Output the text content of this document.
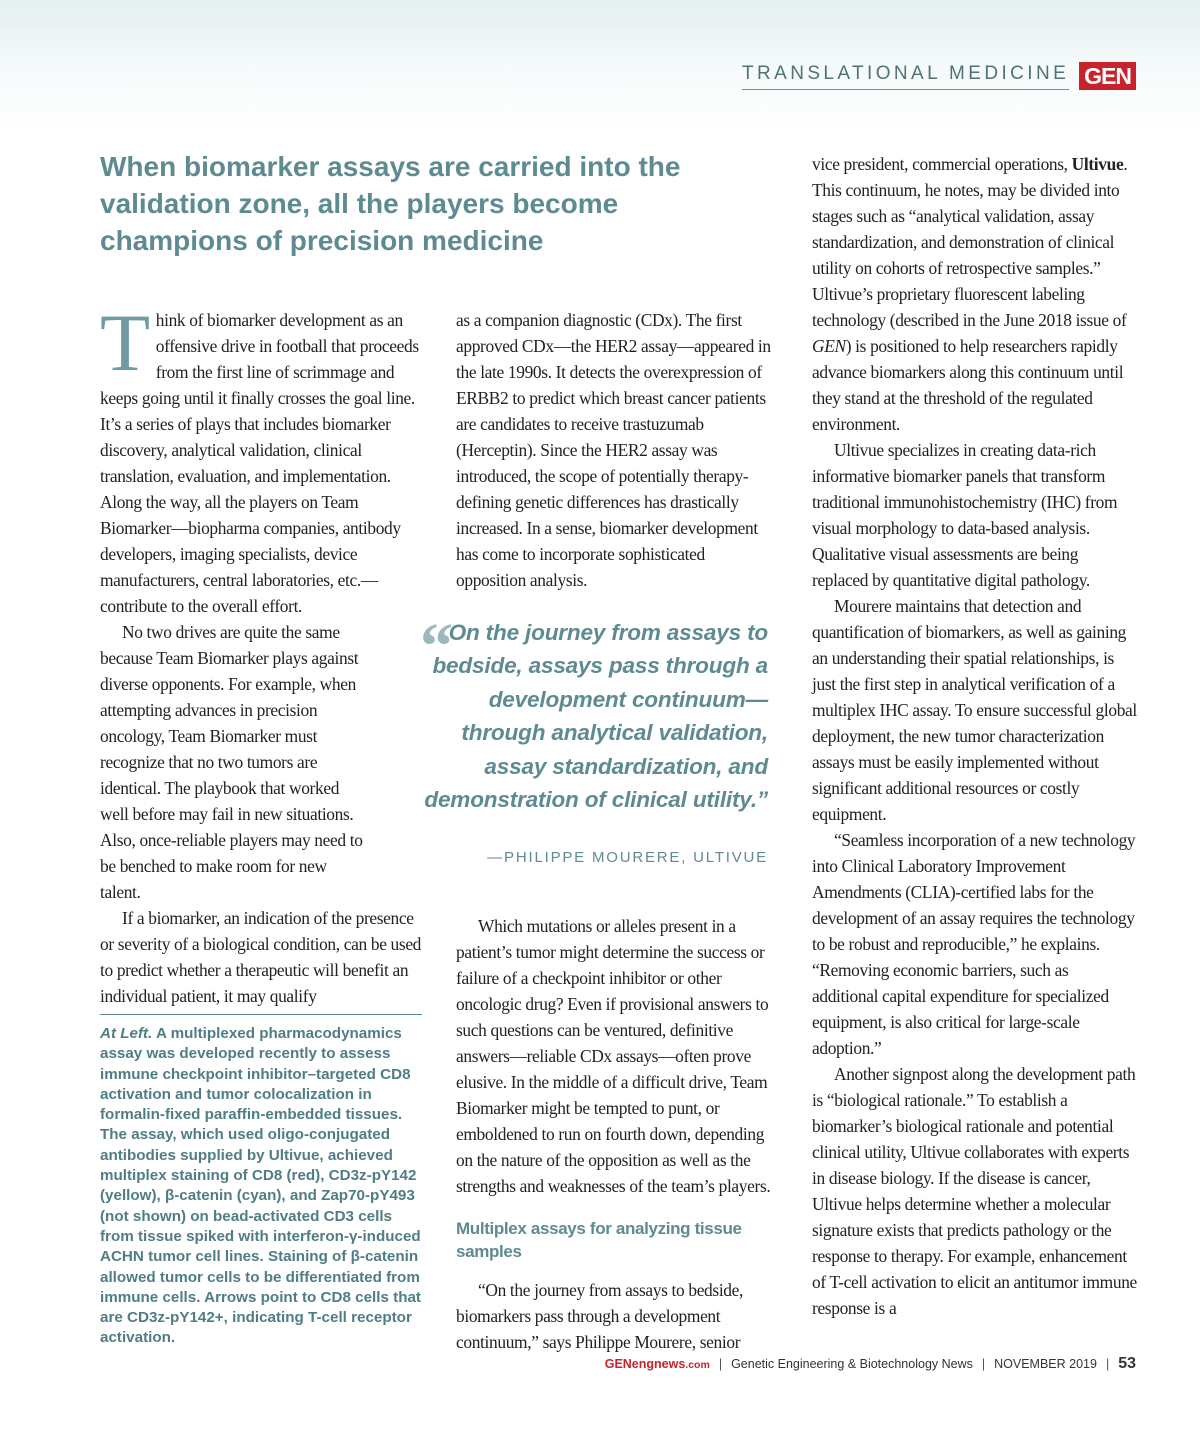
TRANSLATIONAL MEDICINE GEN
When biomarker assays are carried into the validation zone, all the players become champions of precision medicine

Think of biomarker development as an offensive drive in football that proceeds from the first line of scrimmage and keeps going until it finally crosses the goal line. It’s a series of plays that includes biomarker discovery, analytical validation, clinical translation, evaluation, and implementation. Along the way, all the players on Team Biomarker—biopharma companies, antibody developers, imaging specialists, device manufacturers, central laboratories, etc.—contribute to the overall effort.

No two drives are quite the same because Team Biomarker plays against diverse opponents. For example, when attempting advances in precision oncology, Team Biomarker must recognize that no two tumors are identical. The playbook that worked well before may fail in new situations. Also, once-reliable players may need to be benched to make room for new talent.

If a biomarker, an indication of the presence or severity of a biological condition, can be used to predict whether a therapeutic will benefit an individual patient, it may qualify

At Left. A multiplexed pharmacodynamics assay was developed recently to assess immune checkpoint inhibitor–targeted CD8 activation and tumor colocalization in formalin-fixed paraffin-embedded tissues. The assay, which used oligo-conjugated antibodies supplied by Ultivue, achieved multiplex staining of CD8 (red), CD3z-pY142 (yellow), β-catenin (cyan), and Zap70-pY493 (not shown) on bead-activated CD3 cells from tissue spiked with interferon-γ-induced ACHN tumor cell lines. Staining of β-catenin allowed tumor cells to be differentiated from immune cells. Arrows point to CD8 cells that are CD3z-pY142+, indicating T-cell receptor activation.

as a companion diagnostic (CDx). The first approved CDx—the HER2 assay—appeared in the late 1990s. It detects the overexpression of ERBB2 to predict which breast cancer patients are candidates to receive trastuzumab (Herceptin). Since the HER2 assay was introduced, the scope of potentially therapy-defining genetic differences has drastically increased. In a sense, biomarker development has come to incorporate sophisticated opposition analysis.

Which mutations or alleles present in a patient’s tumor might determine the success or failure of a checkpoint inhibitor or other oncologic drug? Even if provisional answers to such questions can be ventured, definitive answers—reliable CDx assays—often prove elusive. In the middle of a difficult drive, Team Biomarker might be tempted to punt, or emboldened to run on fourth down, depending on the nature of the opposition as well as the strengths and weaknesses of the team’s players.

Multiplex assays for analyzing tissue samples

“On the journey from assays to bedside, biomarkers pass through a development continuum,” says Philippe Mourere, senior

“
On the journey from assays to bedside, assays pass through a development continuum—through analytical validation, assay standardization, and demonstration of clinical utility.”
—PHILIPPE MOURERE, ULTIVUE

vice president, commercial operations, Ultivue. This continuum, he notes, may be divided into stages such as “analytical validation, assay standardization, and demonstration of clinical utility on cohorts of retrospective samples.” Ultivue’s proprietary fluorescent labeling technology (described in the June 2018 issue of GEN) is positioned to help researchers rapidly advance biomarkers along this continuum until they stand at the threshold of the regulated environment.

Ultivue specializes in creating data-rich informative biomarker panels that transform traditional immunohistochemistry (IHC) from visual morphology to data-based analysis. Qualitative visual assessments are being replaced by quantitative digital pathology.

Mourere maintains that detection and quantification of biomarkers, as well as gaining an understanding their spatial relationships, is just the first step in analytical verification of a multiplex IHC assay. To ensure successful global deployment, the new tumor characterization assays must be easily implemented without significant additional resources or costly equipment.

“Seamless incorporation of a new technology into Clinical Laboratory Improvement Amendments (CLIA)-certified labs for the development of an assay requires the technology to be robust and reproducible,” he explains. “Removing economic barriers, such as additional capital expenditure for specialized equipment, is also critical for large-scale adoption.”

Another signpost along the development path is “biological rationale.” To establish a biomarker’s biological rationale and potential clinical utility, Ultivue collaborates with experts in disease biology. If the disease is cancer, Ultivue helps determine whether a molecular signature exists that predicts pathology or the response to therapy. For example, enhancement of T-cell activation to elicit an antitumor immune response is a

GENengnews.com | Genetic Engineering & Biotechnology News | NOVEMBER 2019 | 53
